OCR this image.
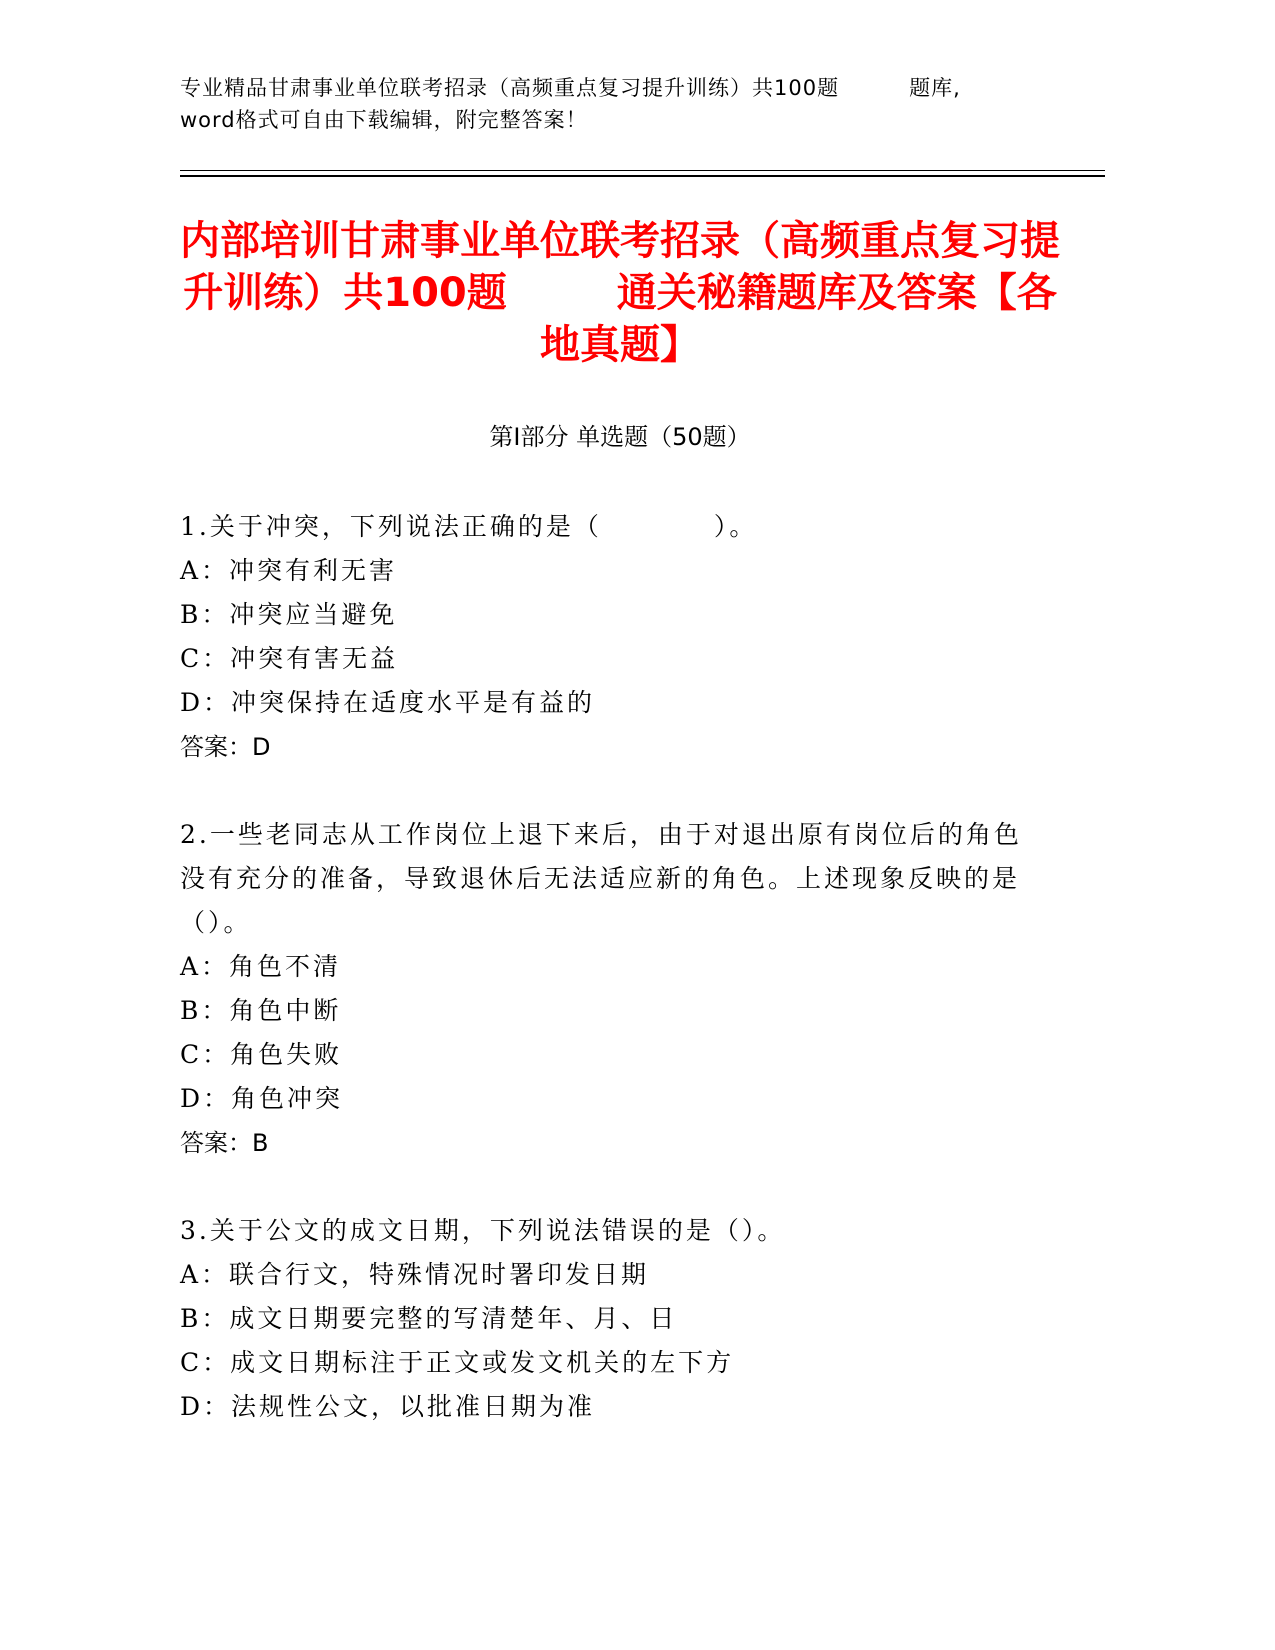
专业精品甘肃事业单位联考招录（高频重点复习提升训练）共100题	题库,
word格式可自由下载编辑，附完整答案！
内部培训甘肃事业单位联考招录（高频重点复习提升训练）共100题	通关秘籍题库及答案【各地真题】
第Ⅰ部分 单选题（50题）
1.关于冲突，下列说法正确的是（　　　　）。
A：冲突有利无害
B：冲突应当避免
C：冲突有害无益
D：冲突保持在适度水平是有益的
答案：D
2.一些老同志从工作岗位上退下来后，由于对退出原有岗位后的角色没有充分的准备，导致退休后无法适应新的角色。上述现象反映的是（）。
A：角色不清
B：角色中断
C：角色失败
D：角色冲突
答案：B
3.关于公文的成文日期，下列说法错误的是（）。
A：联合行文，特殊情况时署印发日期
B：成文日期要完整的写清楚年、月、日
C：成文日期标注于正文或发文机关的左下方
D：法规性公文，以批准日期为准
